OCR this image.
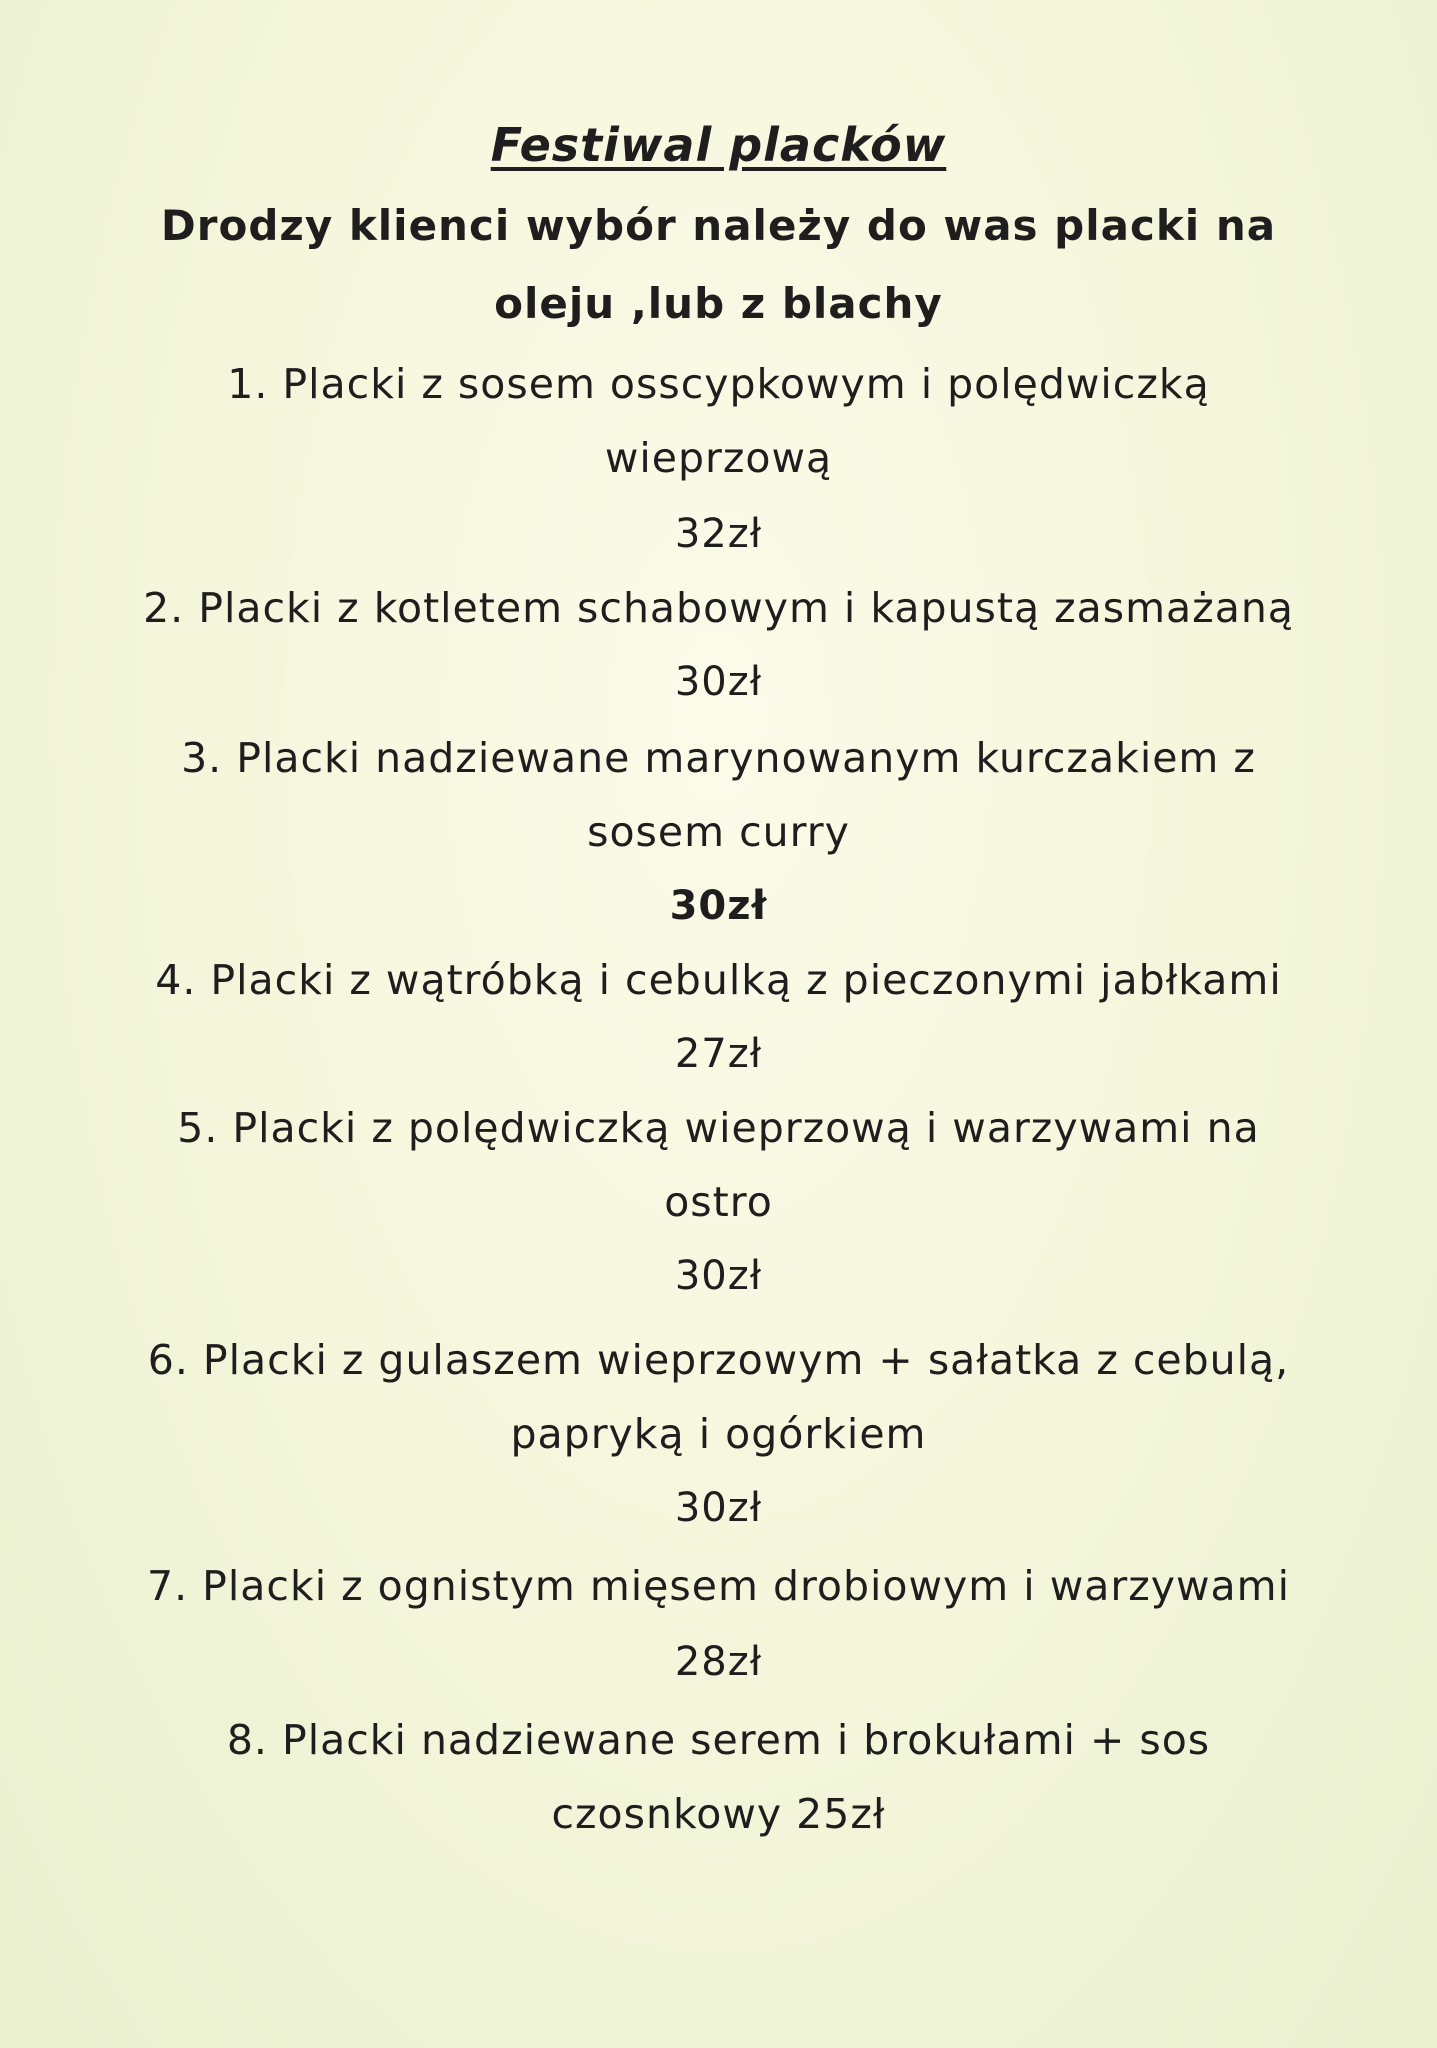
Festiwal placków
Drodzy klienci wybór należy do was placki na
oleju ,lub z blachy
1. Placki z sosem osscypkowym i polędwiczką
wieprzową
32zł
2. Placki z kotletem schabowym i kapustą zasmażaną
30zł
3. Placki nadziewane marynowanym kurczakiem z
sosem curry
30zł
4. Placki z wątróbką i cebulką z pieczonymi jabłkami
27zł
5. Placki z polędwiczką wieprzową i warzywami na
ostro
30zł
6. Placki z gulaszem wieprzowym + sałatka z cebulą,
papryką i ogórkiem
30zł
7. Placki z ognistym mięsem drobiowym i warzywami
28zł
8. Placki nadziewane serem i brokułami + sos
czosnkowy 25zł
